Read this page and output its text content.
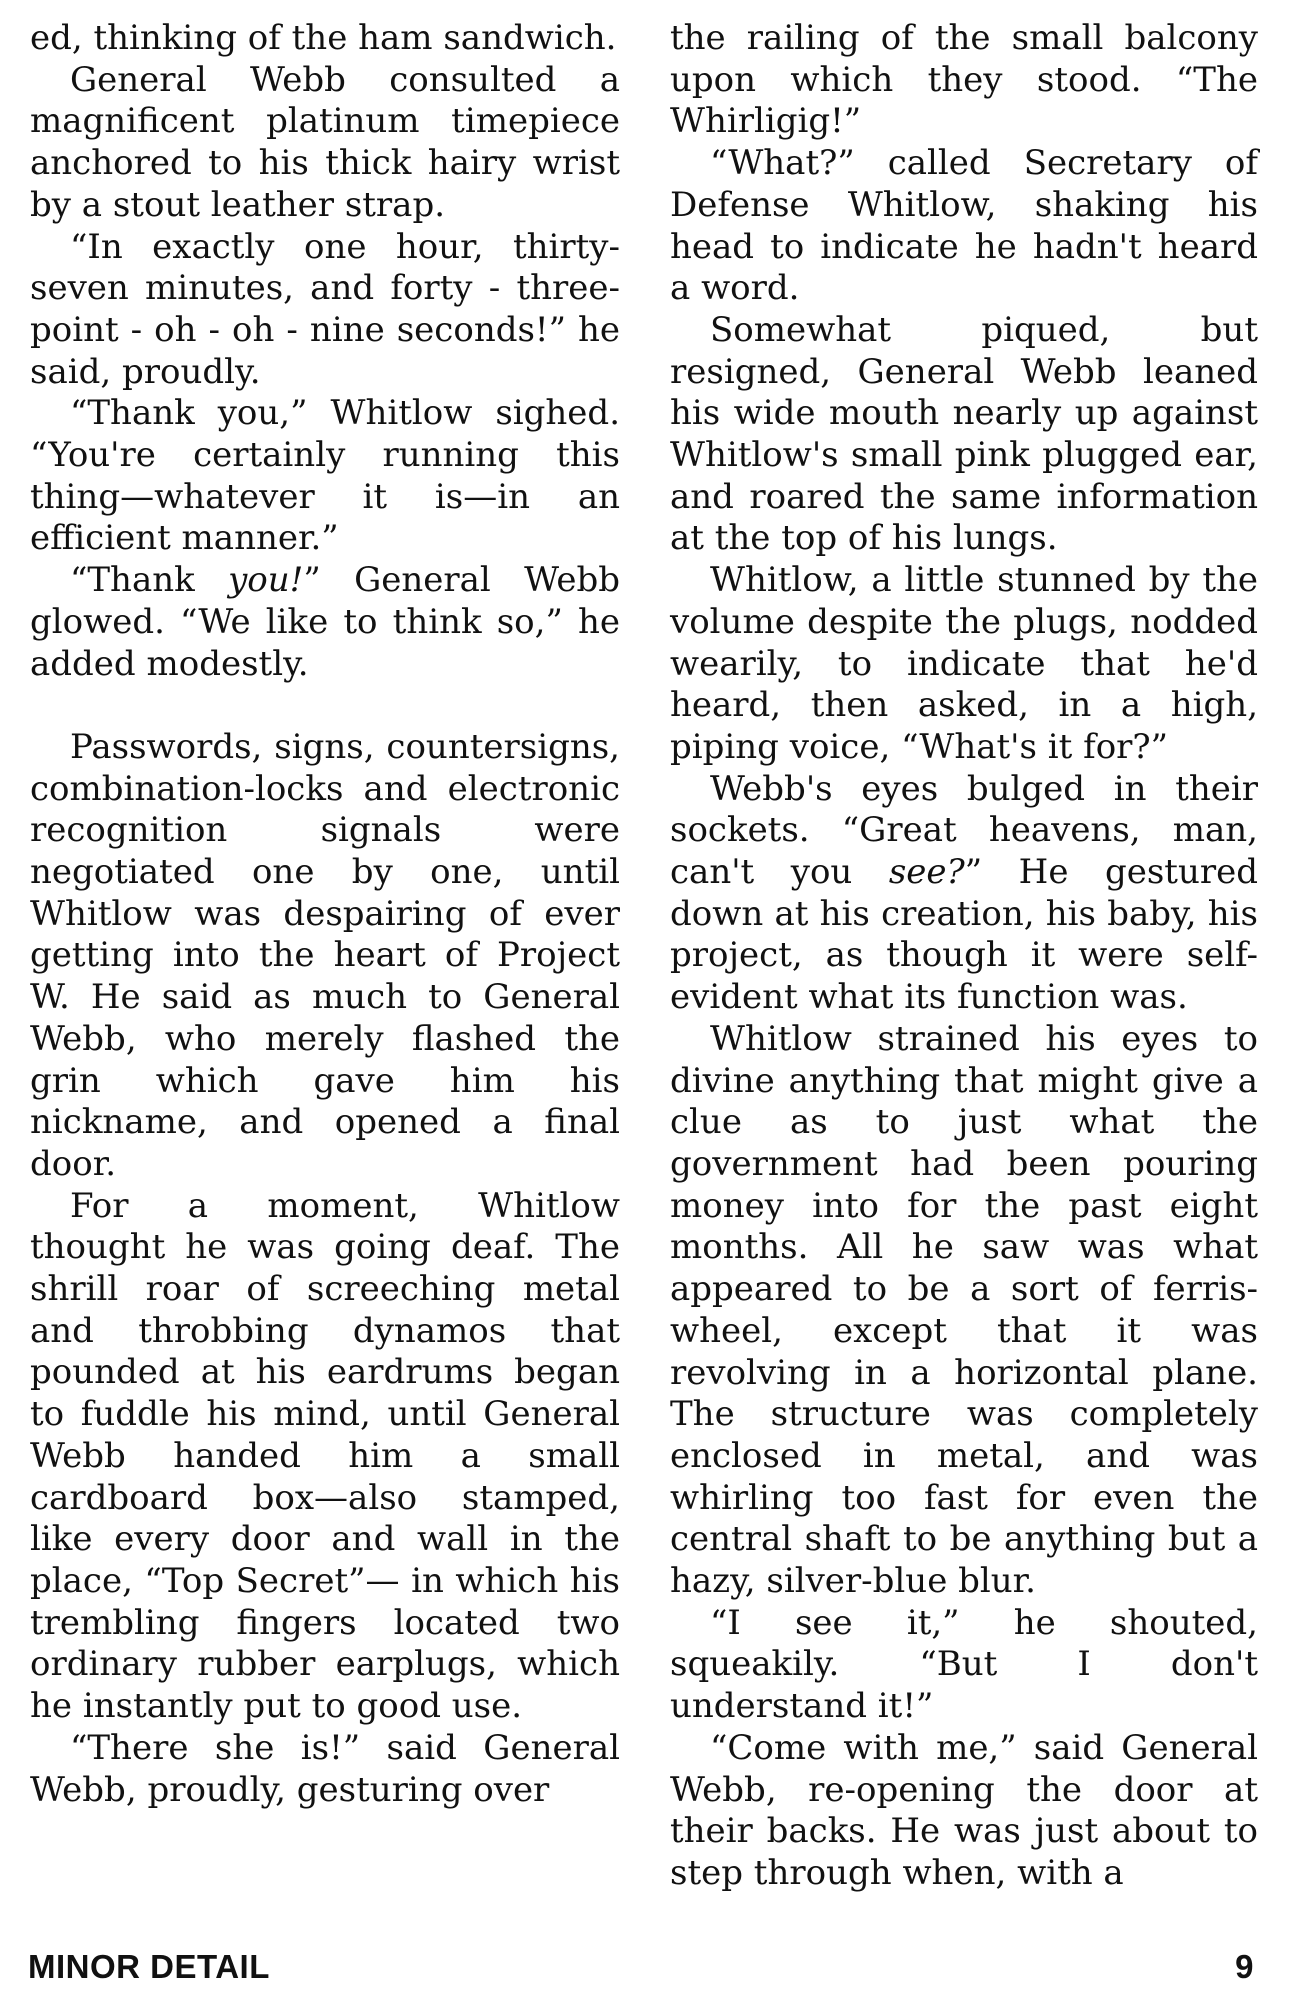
ed, thinking of the ham sandwich.

General Webb consulted a magnificent platinum timepiece anchored to his thick hairy wrist by a stout leather strap.

“In exactly one hour, thirty-seven minutes, and forty - three-point - oh - oh - nine seconds!” he said, proudly.

“Thank you,” Whitlow sighed. “You're certainly running this thing—whatever it is—in an efficient manner.”

“Thank you!” General Webb glowed. “We like to think so,” he added modestly.

Passwords, signs, countersigns, combination-locks and electronic recognition signals were negotiated one by one, until Whitlow was despairing of ever getting into the heart of Project W. He said as much to General Webb, who merely flashed the grin which gave him his nickname, and opened a final door.

For a moment, Whitlow thought he was going deaf. The shrill roar of screeching metal and throbbing dynamos that pounded at his eardrums began to fuddle his mind, until General Webb handed him a small cardboard box—also stamped, like every door and wall in the place, “Top Secret”— in which his trembling fingers located two ordinary rubber earplugs, which he instantly put to good use.

“There she is!” said General Webb, proudly, gesturing over

the railing of the small balcony upon which they stood. “The Whirligig!”

“What?” called Secretary of Defense Whitlow, shaking his head to indicate he hadn't heard a word.

Somewhat piqued, but resigned, General Webb leaned his wide mouth nearly up against Whitlow's small pink plugged ear, and roared the same information at the top of his lungs.

Whitlow, a little stunned by the volume despite the plugs, nodded wearily, to indicate that he'd heard, then asked, in a high, piping voice, “What's it for?”

Webb's eyes bulged in their sockets. “Great heavens, man, can't you see?” He gestured down at his creation, his baby, his project, as though it were self-evident what its function was.

Whitlow strained his eyes to divine anything that might give a clue as to just what the government had been pouring money into for the past eight months. All he saw was what appeared to be a sort of ferris-wheel, except that it was revolving in a horizontal plane. The structure was completely enclosed in metal, and was whirling too fast for even the central shaft to be anything but a hazy, silver-blue blur.

“I see it,” he shouted, squeakily. “But I don't understand it!”

“Come with me,” said General Webb, re-opening the door at their backs. He was just about to step through when, with a

MINOR DETAIL	9
